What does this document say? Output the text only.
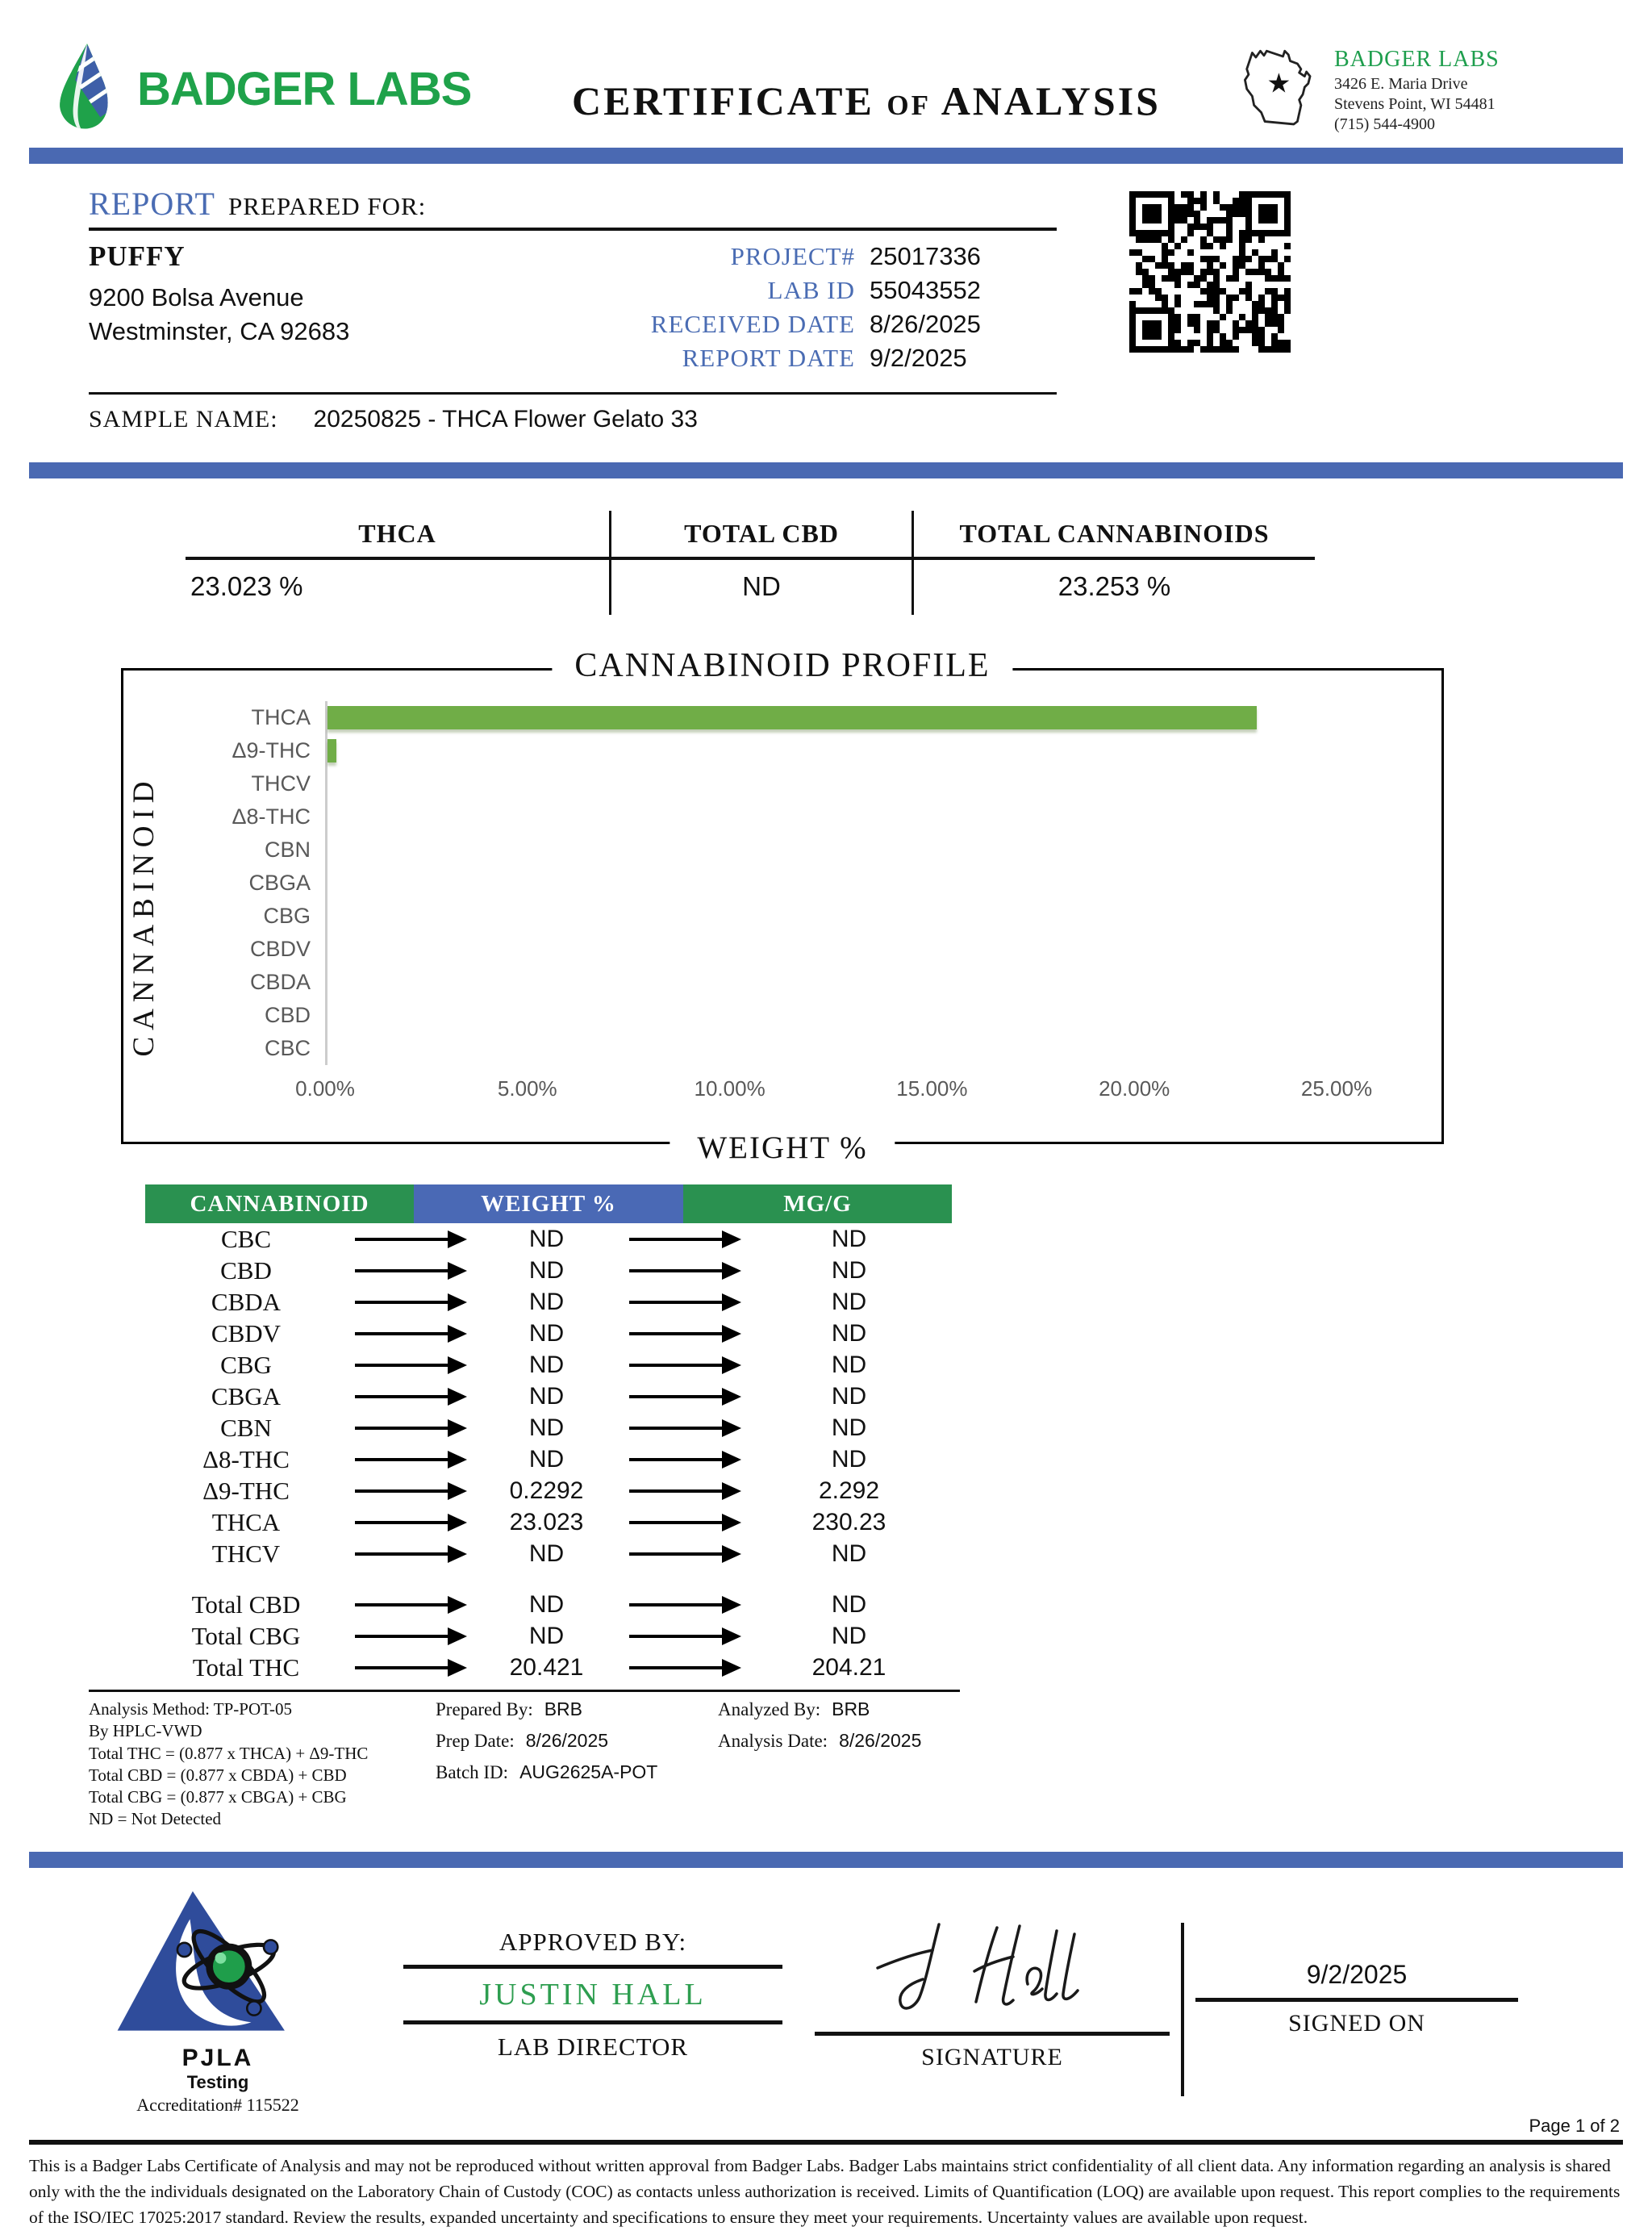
BADGER LABS	CERTIFICATE of ANALYSIS	★
BADGER LABS
3426 E. Maria Drive
Stevens Point, WI 54481
(715) 544-4900
REPORT PREPARED FOR:
PUFFY
9200 Bolsa Avenue
Westminster, CA 92683
PROJECT# 25017336
LAB ID 55043552
RECEIVED DATE 8/26/2025
REPORT DATE 9/2/2025
SAMPLE NAME: 20250825 - THCA Flower Gelato 33
THCA	TOTAL CBD	TOTAL CANNABINOIDS
23.023 %	ND	23.253 %
CANNABINOID PROFILE
CANNABINOID
THCA
Δ9-THC
THCV
Δ8-THC
CBN
CBGA
CBG
CBDV
CBDA
CBD
CBC
0.00%	5.00%	10.00%	15.00%	20.00%	25.00%
WEIGHT %
CANNABINOID	WEIGHT %	MG/G
CBC	ND	ND
CBD	ND	ND
CBDA	ND	ND
CBDV	ND	ND
CBG	ND	ND
CBGA	ND	ND
CBN	ND	ND
Δ8-THC	ND	ND
Δ9-THC	0.2292	2.292
THCA	23.023	230.23
THCV	ND	ND
Total CBD	ND	ND
Total CBG	ND	ND
Total THC	20.421	204.21
Analysis Method: TP-POT-05
By HPLC-VWD
Total THC = (0.877 x THCA) + Δ9-THC
Total CBD = (0.877 x CBDA) + CBD
Total CBG = (0.877 x CBGA) + CBG
ND = Not Detected
Prepared By: BRB
Prep Date: 8/26/2025
Batch ID: AUG2625A-POT
Analyzed By: BRB
Analysis Date: 8/26/2025
PJLA
Testing
Accreditation# 115522
APPROVED BY:
JUSTIN HALL
LAB DIRECTOR	SIGNATURE
9/2/2025
SIGNED ON
Page 1 of 2
This is a Badger Labs Certificate of Analysis and may not be reproduced without written approval from Badger Labs. Badger Labs maintains strict confidentiality of all client data. Any information regarding an analysis is shared only with the the individuals designated on the Laboratory Chain of Custody (COC) as contacts unless authorization is received. Limits of Quantification (LOQ) are available upon request. This report complies to the requirements of the ISO/IEC 17025:2017 standard. Review the results, expanded uncertainty and specifications to ensure they meet your requirements. Uncertainty values are available upon request.
